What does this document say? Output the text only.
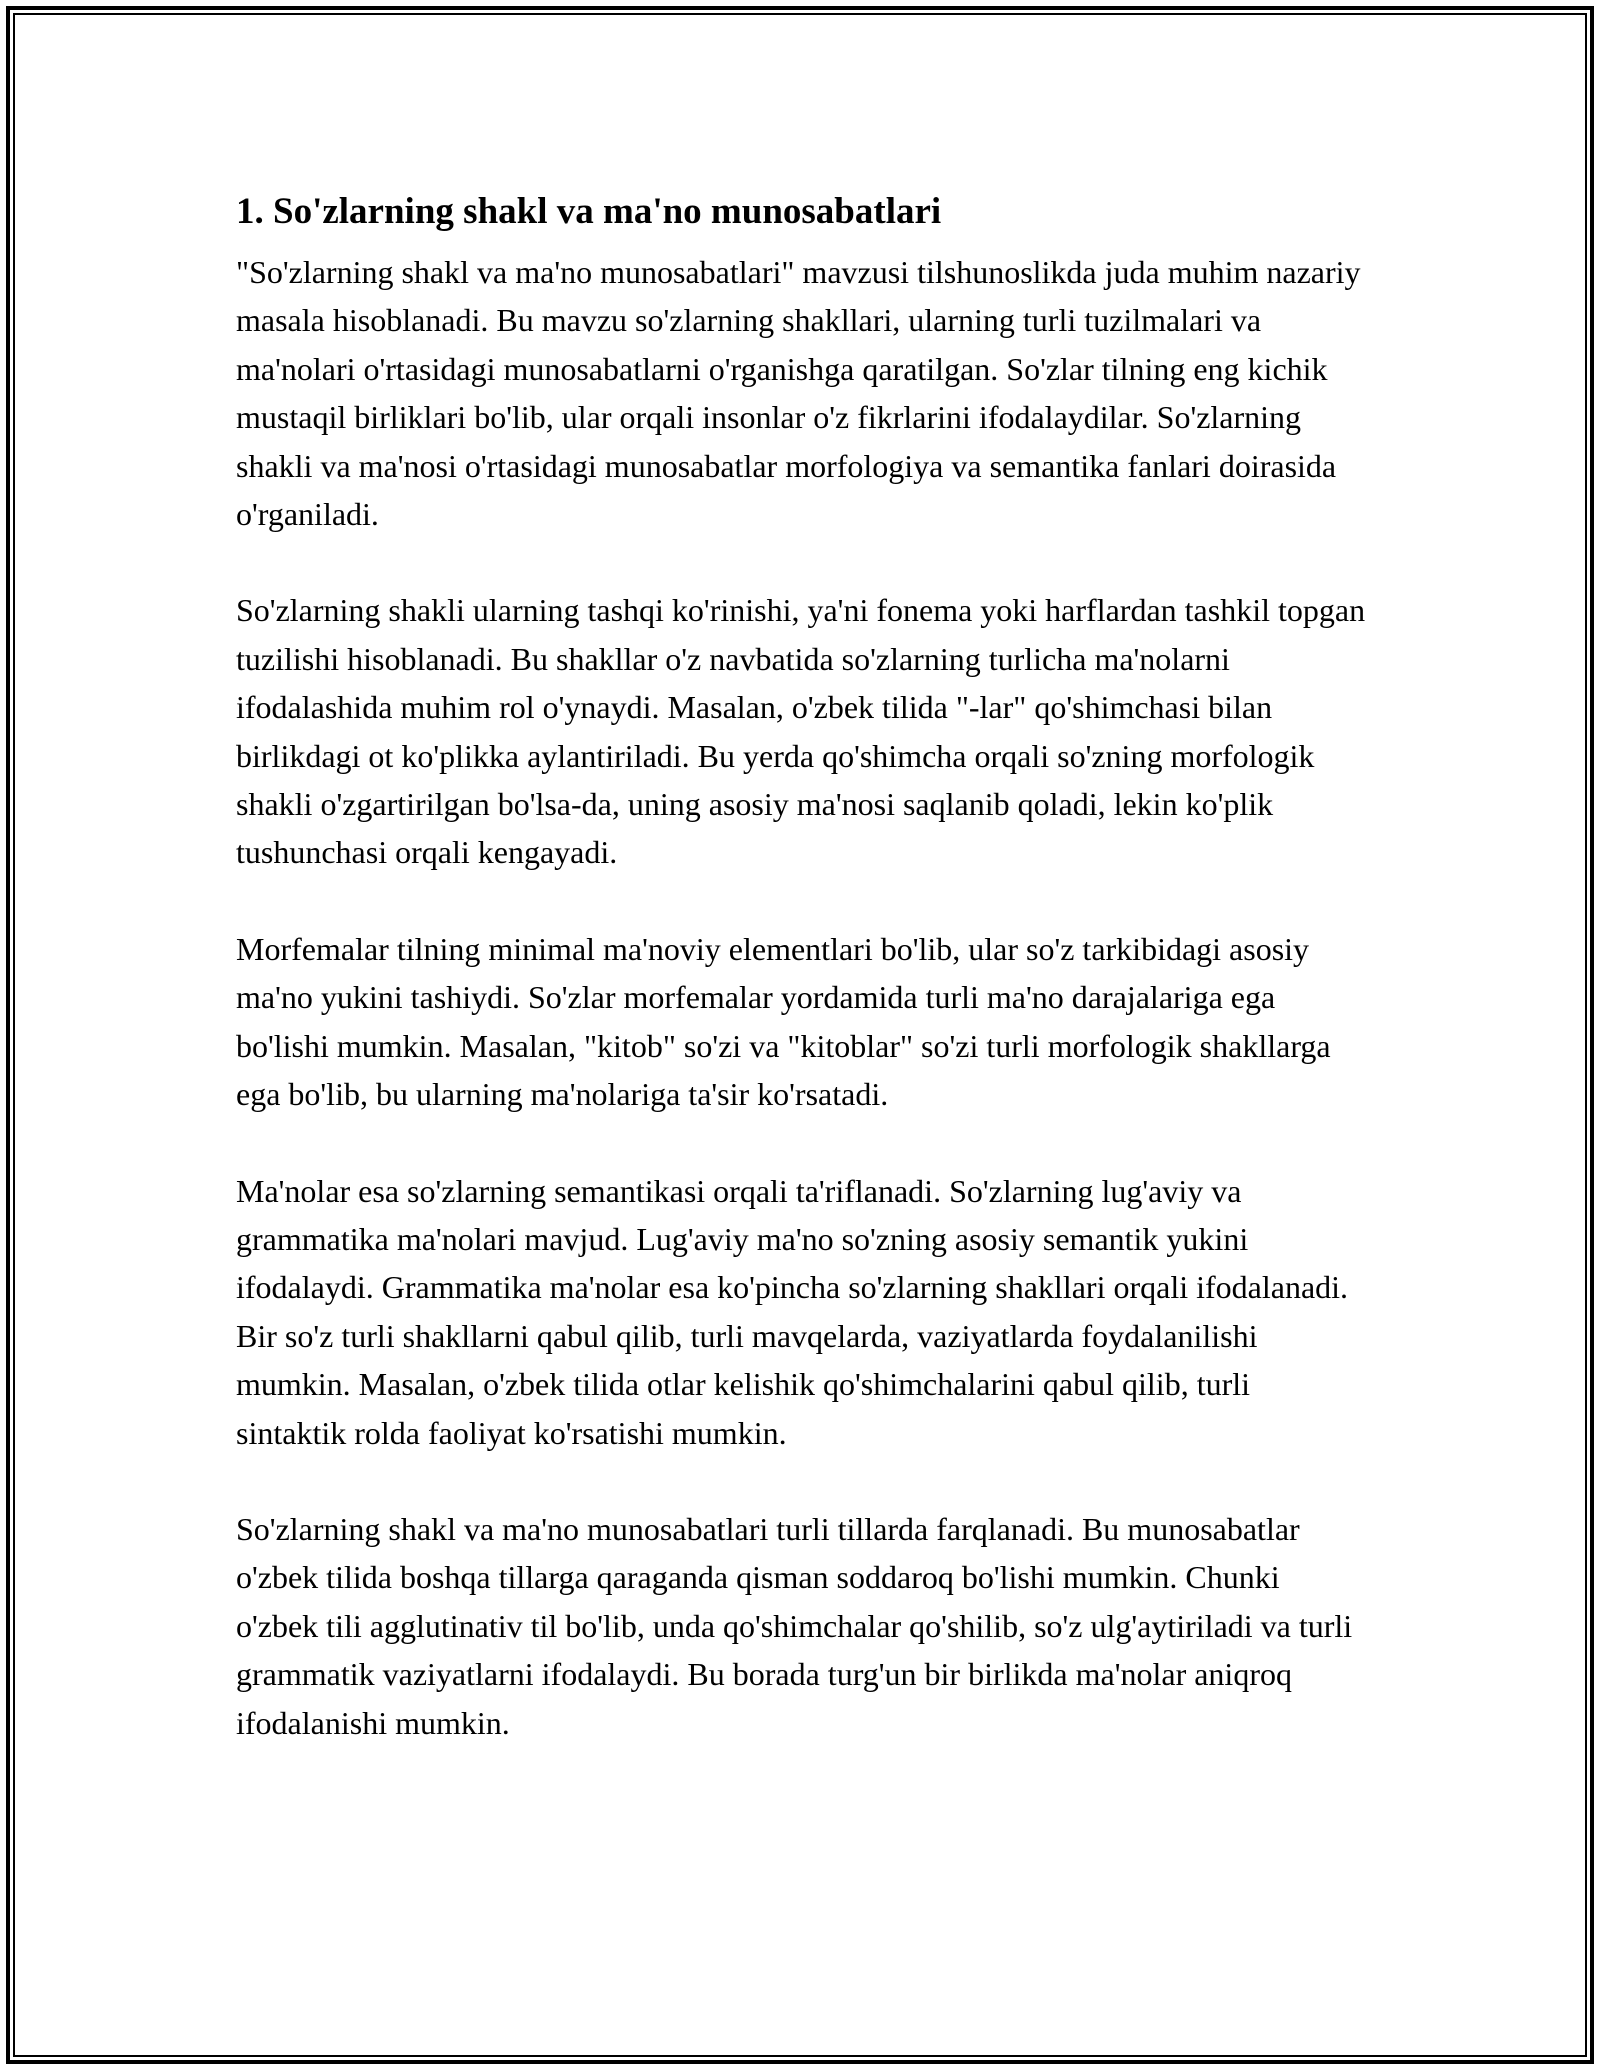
1. So'zlarning shakl va ma'no munosabatlari

"So'zlarning shakl va ma'no munosabatlari" mavzusi tilshunoslikda juda muhim nazariy masala hisoblanadi. Bu mavzu so'zlarning shakllari, ularning turli tuzilmalari va ma'nolari o'rtasidagi munosabatlarni o'rganishga qaratilgan. So'zlar tilning eng kichik mustaqil birliklari bo'lib, ular orqali insonlar o'z fikrlarini ifodalaydilar. So'zlarning shakli va ma'nosi o'rtasidagi munosabatlar morfologiya va semantika fanlari doirasida o'rganiladi.

So'zlarning shakli ularning tashqi ko'rinishi, ya'ni fonema yoki harflardan tashkil topgan tuzilishi hisoblanadi. Bu shakllar o'z navbatida so'zlarning turlicha ma'nolarni ifodalashida muhim rol o'ynaydi. Masalan, o'zbek tilida "-lar" qo'shimchasi bilan birlikdagi ot ko'plikka aylantiriladi. Bu yerda qo'shimcha orqali so'zning morfologik shakli o'zgartirilgan bo'lsa-da, uning asosiy ma'nosi saqlanib qoladi, lekin ko'plik tushunchasi orqali kengayadi.

Morfemalar tilning minimal ma'noviy elementlari bo'lib, ular so'z tarkibidagi asosiy ma'no yukini tashiydi. So'zlar morfemalar yordamida turli ma'no darajalariga ega bo'lishi mumkin. Masalan, "kitob" so'zi va "kitoblar" so'zi turli morfologik shakllarga ega bo'lib, bu ularning ma'nolariga ta'sir ko'rsatadi.

Ma'nolar esa so'zlarning semantikasi orqali ta'riflanadi. So'zlarning lug'aviy va grammatika ma'nolari mavjud. Lug'aviy ma'no so'zning asosiy semantik yukini ifodalaydi. Grammatika ma'nolar esa ko'pincha so'zlarning shakllari orqali ifodalanadi. Bir so'z turli shakllarni qabul qilib, turli mavqelarda, vaziyatlarda foydalanilishi mumkin. Masalan, o'zbek tilida otlar kelishik qo'shimchalarini qabul qilib, turli sintaktik rolda faoliyat ko'rsatishi mumkin.

So'zlarning shakl va ma'no munosabatlari turli tillarda farqlanadi. Bu munosabatlar o'zbek tilida boshqa tillarga qaraganda qisman soddaroq bo'lishi mumkin. Chunki o'zbek tili agglutinativ til bo'lib, unda qo'shimchalar qo'shilib, so'z ulg'aytiriladi va turli grammatik vaziyatlarni ifodalaydi. Bu borada turg'un bir birlikda ma'nolar aniqroq ifodalanishi mumkin.
